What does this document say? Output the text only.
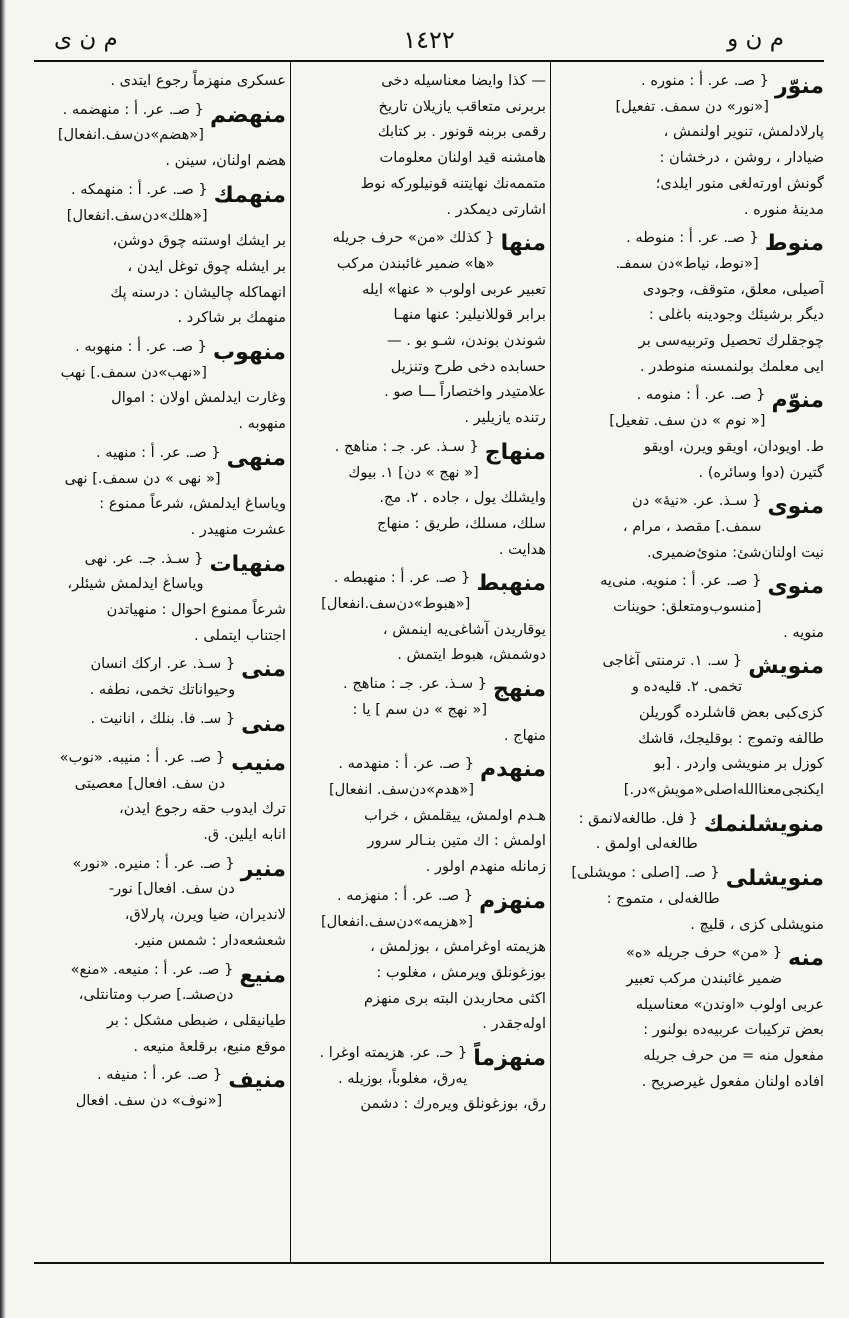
م ن و
١٤٢٢
م ن ى
منوّر
{ صـ. عر. أ : منوره .
[«نور» دن سمف. تفعيل]
پارلادلمش، تنوير اولنمش ،
ضيادار ، روشن ، درخشان :
گونش اورته‌لغی منور ايلدی؛
مدينۀ منوره .
منوط
{ صـ. عر. أ : منوطه .
[«نوط، نياط»دن سمفـ.
آصيلی، معلق، متوقف، وجودی
ديگر برشيئك وجودينه باغلی :
چوجقلرك تحصيل وتربيه‌سی بر
ايی معلمك بولنمسنه منوطدر .
منوّم
{ صـ. عر. أ : منومه .
[« نوم » دن سف. تفعيل]
ط. اويودان، اويقو ويرن، اويقو
گتيرن (دوا وسائره) .
منوى
{ سـذ. عر. «نيۀ» دن
سمف.] مقصد ، مرام ،
نيت اولنان‌شیٔ: منوی‌ٔضميری.
منوى
{ صـ. عر. أ : منويه. منی‌يه
[منسوب‌ومتعلق: حوينات
منويه .
منويش
{ سـ. ١. ترمنتی آغاجی
تخمی. ٢. قليه‌ده و
كزی‌كبی بعض قاشلرده گوريلن
طالفه وتموج : بوقليجك، قاشك
كوزل بر منويشی واردر . [بو
ايكنجی‌معناالله‌اصلی«مويش»در.]
منويشلنمك
{ فل. طالغه‌لانمق :
طالغه‌لی اولمق .
منويشلى
{ صـ. [اصلی : مويشلی]
طالغه‌لی ، متموج :
منويشلی كزی ، قليچ .
منه
{ «من» حرف جريله «ه»
ضمير غائبندن مركب تعبير
عربی اولوب «اوندن» معناسيله
بعض تركيبات عربيه‌ده بولنور :
مفعول منه = من حرف جريله
افاده اولنان مفعول غيرصريح .
— كذا وايضا معناسيله دخی
بربرنی متعاقب يازيلان تاريخ
رقمی بربنه قونور . بر كتابك
هامشنه قيد اولنان معلومات
متممه‌نك نهايتنه قونيلورکه نوط
اشارتی ديمكدر .
منها
{ كذلك «من» حرف جريله
«ها» ضمير غائبندن مركب
تعبير عربی اولوب « عنها» ايله
برابر قوللانيلير: عنها منهـا
شوندن بوندن، شـو بو . —
حسابده دخی طرح وتنزيل
علامتيدر واختصاراً ـــا صو .
رتنده يازيلير .
منهاج
{ سـذ. عر. جـ : مناهج .
[« نهج » دن] ١. بيوك
وايشلك يول ، جاده . ٢. مج.
سلك، مسلك، طريق : منهاج
هدايت .
منهبط
{ صـ. عر. أ : منهبطه .
[«هبوط»دن‌سف.انفعال]
يوقاريدن آشاغی‌يه اينمش ،
دوشمش، هبوط ايتمش .
منهج
{ سـذ. عر. جـ : مناهج .
[« نهج » دن سم ] يا :
منهاج .
منهدم
{ صـ. عر. أ : منهدمه .
[«هدم»دن‌سف. انفعال]
هـدم اولمش، ييقلمش ، خراب
اولمش : اك متين بنـالر سرور
زمانله منهدم اولور .
منهزم
{ صـ. عر. أ : منهزمه .
[«هزيمه»دن‌سف.انفعال]
هزيمته اوغرامش ، بوزلمش ،
بوزغونلق ويرمش ، مغلوب :
اكثی محاربدن البته بری منهزم
اوله‌جقدر .
منهزماً
{ حـ. عر. هزيمته اوغرا .
يه‌رق، مغلوباً، بوزيله .
رق، بوزغونلق ويره‌رك : دشمن
عسكری منهزماً رجوع ايتدی .
منهضم
{ صـ. عر. أ : منهضمه .
[«هضم»دن‌سف.انفعال]
هضم اولنان، سينن .
منهمك
{ صـ. عر. أ : منهمكه .
[«هلك»دن‌سف.انفعال]
بر ايشك اوستنه چوق دوشن،
بر ايشله چوق توغل ايدن ،
انهماكله چاليشان : درسنه پك
منهمك بر شاكرد .
منهوب
{ صـ. عر. أ : منهوبه .
[«نهب»دن سمف.] نهب
وغارت ايدلمش اولان : اموال
منهوبه .
منهى
{ صـ. عر. أ : منهيه .
[« نهی » دن سمف.] نهی
وياساغ ايدلمش، شرعاً ممنوع :
عشرت منهيدر .
منهيات
{ سـذ. جـ. عر. نهی
وياساغ ايدلمش شيئلر،
شرعاً ممنوع احوال : منهياتدن
اجتناب ايتملی .
منى
{ سـذ. عر. اركك انسان
وحيواناتك تخمی، نطفه .
منى
{ سـ. فا. بنلك ، انانيت .
منيب
{ صـ. عر. أ : منيبه. «نوب»
دن سف. افعال] معصيتی
ترك ايدوب حقه رجوع ايدن،
انابه ايلين. ق.
منير
{ صـ. عر. أ : منيره. «نور»
دن سف. افعال] نور-
لانديران، ضيا ويرن، پارلاق،
شعشعه‌دار : شمس منير.
منيع
{ صـ. عر. أ : منيعه. «منع»
دن‌صشـ.] صرب ومتانتلی،
طيانيقلی ، ضبطی مشكل : بر
موقع منيع، برقلعۀ منيعه .
منيف
{ صـ. عر. أ : منيفه .
[«نوف» دن سف. افعال
